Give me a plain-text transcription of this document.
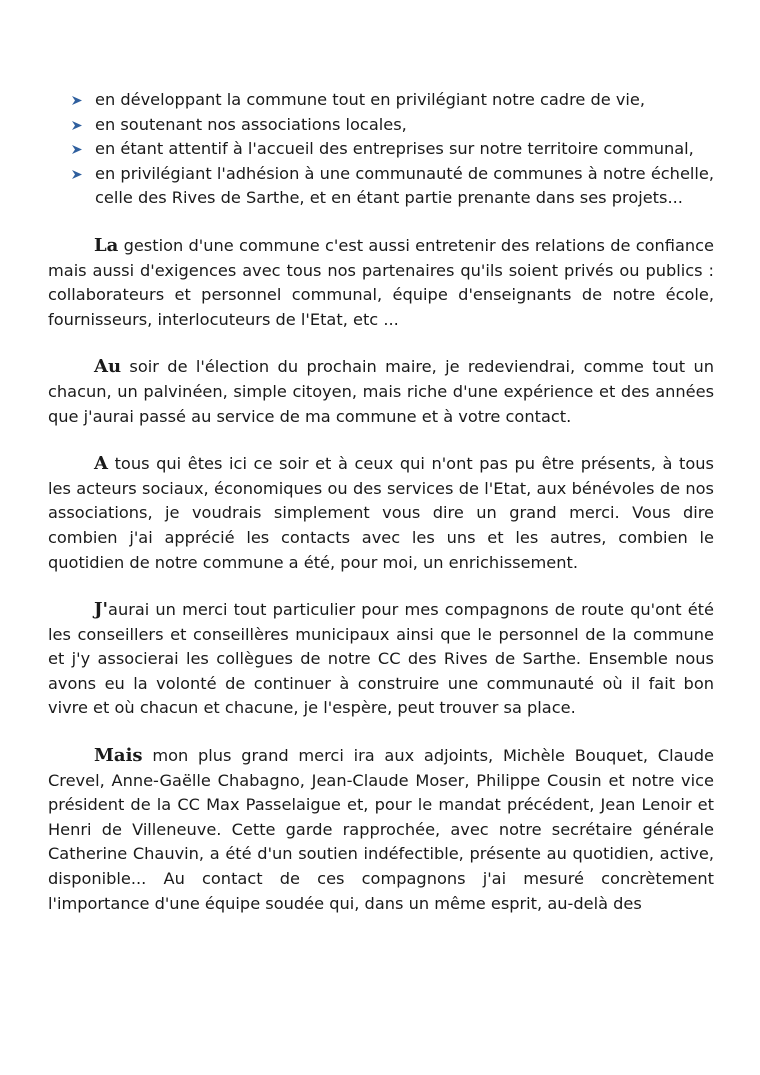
en développant la commune tout en privilégiant notre cadre de vie,
en soutenant nos associations locales,
en étant attentif à l'accueil des entreprises sur notre territoire communal,
en privilégiant l'adhésion à une communauté de communes à notre échelle, celle des Rives de Sarthe, et en étant partie prenante dans ses projets...

La gestion d'une commune c'est aussi entretenir des relations de confiance mais aussi d'exigences avec tous nos partenaires qu'ils soient privés ou publics : collaborateurs et personnel communal, équipe d'enseignants de notre école, fournisseurs, interlocuteurs de l'Etat, etc ...

Au soir de l'élection du prochain maire, je redeviendrai, comme tout un chacun, un palvinéen, simple citoyen, mais riche d'une expérience et des années que j'aurai passé au service de ma commune et à votre contact.

A tous qui êtes ici ce soir et à ceux qui n'ont pas pu être présents, à tous les acteurs sociaux, économiques ou des services de l'Etat, aux bénévoles de nos associations, je voudrais simplement vous dire un grand merci. Vous dire combien j'ai apprécié les contacts avec les uns et les autres, combien le quotidien de notre commune a été, pour moi, un enrichissement.

J'aurai un merci tout particulier pour mes compagnons de route qu'ont été les conseillers et conseillères municipaux ainsi que le personnel de la commune et j'y associerai les collègues de notre CC des Rives de Sarthe. Ensemble nous avons eu la volonté de continuer à construire une communauté où il fait bon vivre et où chacun et chacune, je l'espère, peut trouver sa place.

Mais mon plus grand merci ira aux adjoints, Michèle Bouquet, Claude Crevel, Anne-Gaëlle Chabagno, Jean-Claude Moser, Philippe Cousin et notre vice président de la CC Max Passelaigue et, pour le mandat précédent, Jean Lenoir et Henri de Villeneuve. Cette garde rapprochée, avec notre secrétaire générale Catherine Chauvin, a été d'un soutien indéfectible, présente au quotidien, active, disponible... Au contact de ces compagnons j'ai mesuré concrètement l'importance d'une équipe soudée qui, dans un même esprit, au-delà des
